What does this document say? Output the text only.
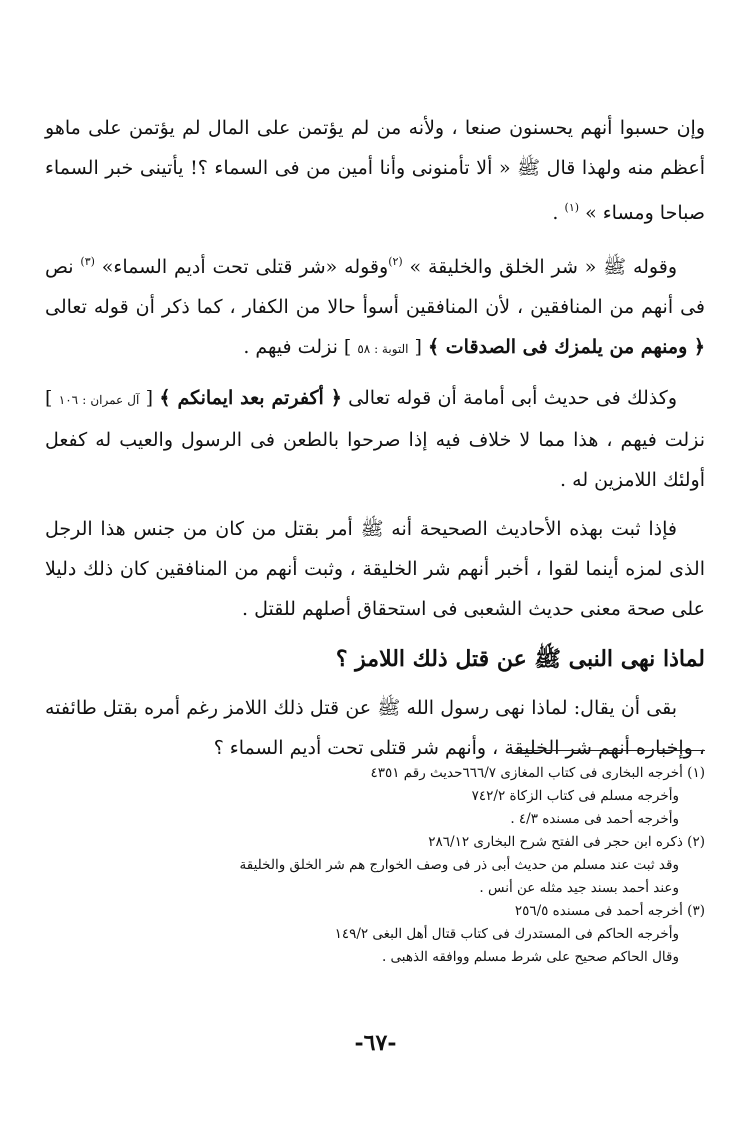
وإن حسبوا أنهم يحسنون صنعا ، ولأنه من لم يؤتمن على المال لم يؤتمن على ماهو أعظم منه ولهذا قال ﷺ « ألا تأمنونى وأنا أمين من فى السماء ؟! يأتينى خبر السماء صباحا ومساء » $^{(١)}$ .

وقوله ﷺ « شر الخلق والخليقة » $^{(٢)}$وقوله «شر قتلى تحت أديم السماء» $^{(٣)}$ نص فى أنهم من المنافقين ، لأن المنافقين أسوأ حالا من الكفار ، كما ذكر أن قوله تعالى ﴿ ومنهم من يلمزك فى الصدقات ﴾ [ التوبة : ٥٨ ] نزلت فيهم .

وكذلك فى حديث أبى أمامة أن قوله تعالى ﴿ أكفرتم بعد ايمانكم ﴾ [ آل عمران : ١٠٦ ] نزلت فيهم ، هذا مما لا خلاف فيه إذا صرحوا بالطعن فى الرسول والعيب له كفعل أولئك اللامزين له .

فإذا ثبت بهذه الأحاديث الصحيحة أنه ﷺ أمر بقتل من كان من جنس هذا الرجل الذى لمزه أينما لقوا ، أخبر أنهم شر الخليقة ، وثبت أنهم من المنافقين كان ذلك دليلا على صحة معنى حديث الشعبى فى استحقاق أصلهم للقتل .

لماذا نهى النبى ﷺ عن قتل ذلك اللامز ؟

بقى أن يقال: لماذا نهى رسول الله ﷺ عن قتل ذلك اللامز رغم أمره بقتل طائفته ، وإخباره أنهم شر الخليقة ، وأنهم شر قتلى تحت أديم السماء ؟

(١) أخرجه البخارى فى كتاب المغازى ٦٦٦/٧حديث رقم ٤٣٥١
وأخرجه مسلم فى كتاب الزكاة ٧٤٢/٢
وأخرجه أحمد فى مسنده ٤/٣ .
(٢) ذكره ابن حجر فى الفتح شرح البخارى ٢٨٦/١٢
وقد ثبت عند مسلم من حديث أبى ذر فى وصف الخوارج هم شر الخلق والخليقة
وعند أحمد بسند جيد مثله عن أنس .
(٣) أخرجه أحمد فى مسنده ٢٥٦/٥
وأخرجه الحاكم فى المستدرك فى كتاب قتال أهل البغى ١٤٩/٢
وقال الحاكم صحيح على شرط مسلم ووافقه الذهبى .
-٦٧-
